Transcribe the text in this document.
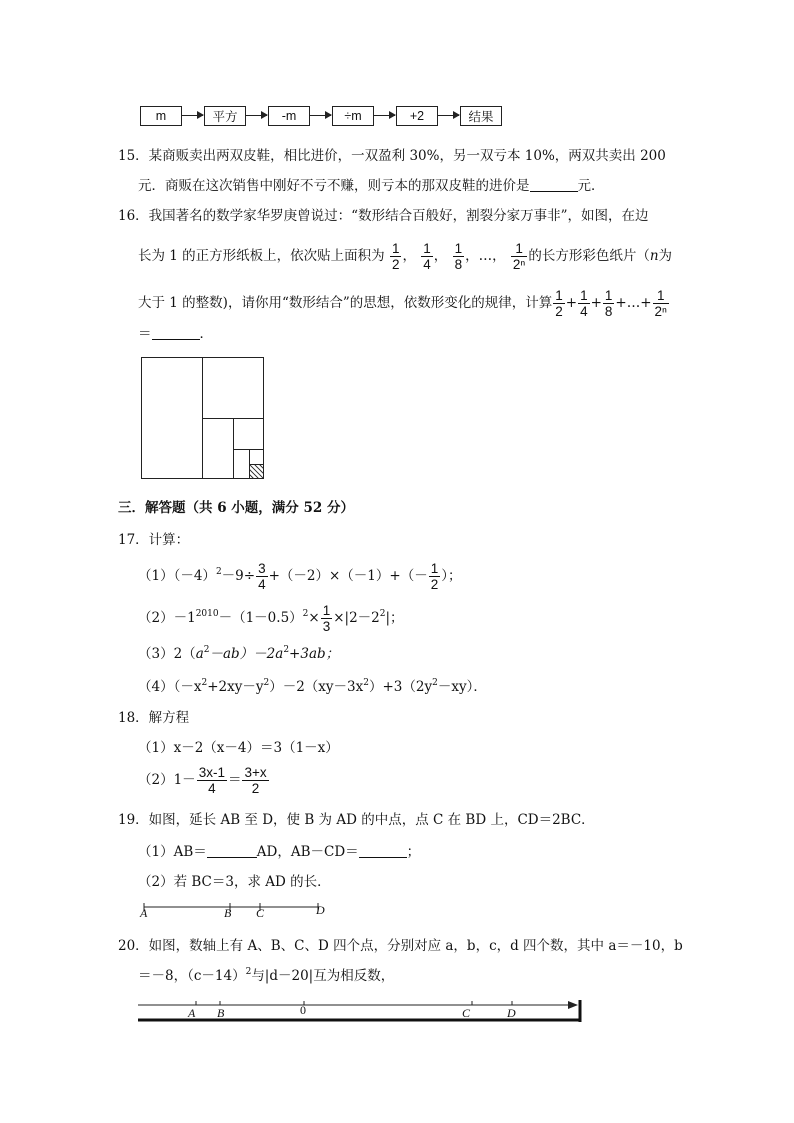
m	平方	-m	÷m	+2	结果
15．某商贩卖出两双皮鞋，相比进价，一双盈利 30%，另一双亏本 10%，两双共卖出 200
元．商贩在这次销售中刚好不亏不赚，则亏本的那双皮鞋的进价是	元．
16．我国著名的数学家华罗庚曾说过：“数形结合百般好，割裂分家万事非”，如图，在边
长为 1 的正方形纸板上，依次贴上面积为 $\frac{1}{2}$ ， $\frac{1}{4}$ ， $\frac{1}{8}$ ，…， $\frac{1}{\text{2ⁿ}}$ 的长方形彩色纸片（n为
大于 1 的整数)，请你用“数形结合”的思想，依数形变化的规律，计算 $\frac{1}{2} + \frac{1}{4} + \frac{1}{8}$ +…+ $\frac{1}{\text{2ⁿ}}$
＝	．
三．解答题（共 6 小题，满分 52 分）
17．计算：
$(1)(-4)^2-9\div \frac{3}{4} +(-2)\times(-1)+(- \frac{1}{2}$ ）；
$(2)-1^{2010}-(1-0.5)^2\times \frac{1}{3} \times|2-2^2|$；
$(3)2(a^2-ab)-2a^2+3ab$；
$(4)(-x^2+2xy-y^2)-2(xy-3x^2)+3(2y^2-xy)$．
18．解方程
（1）x－2（x－4）＝3（1－x）
$(2)1- \frac{3x-1}{4} = \frac{3+x}{2}$
19．如图，延长 AB 至 D，使 B 为 AD 的中点，点 C 在 BD 上，CD＝2BC．
（1）AB＝	AD，AB－CD＝	；
（2）若 BC＝3，求 AD 的长．
A	B C	D
20．如图，数轴上有 A、B、C、D 四个点，分别对应 a，b，c，d 四个数，其中 a＝－10，b
＝－8，$(c-14)^2$与|d－20|互为相反数，
A B	0	C	D
